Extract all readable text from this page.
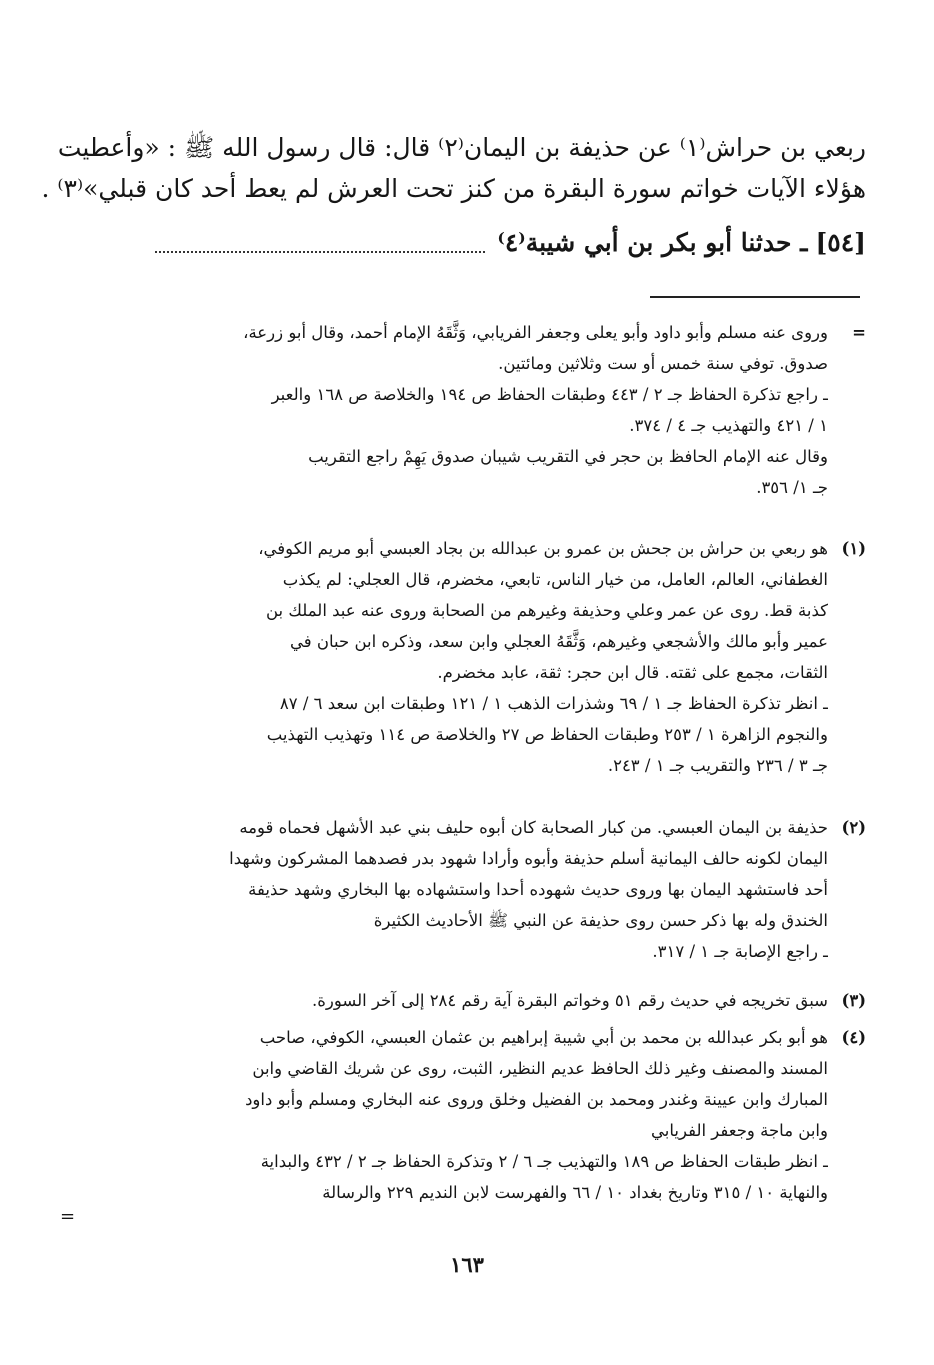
ربعي بن حراش⁽١⁾ عن حذيفة بن اليمان⁽٢⁾ قال: قال رسول الله ﷺ : «وأعطيت
هؤلاء الآيات خواتم سورة البقرة من كنز تحت العرش لم يعط أحد كان قبلي»⁽٣⁾ .
[٥٤] ـ حدثنا أبو بكر بن أبي شيبة⁽٤⁾
=
وروى عنه مسلم وأبو داود وأبو يعلى وجعفر الفريابي، وَثَّقَهُ الإمام أحمد، وقال أبو زرعة،
صدوق. توفي سنة خمس أو ست وثلاثين ومائتين.
ـ راجع تذكرة الحفاظ جـ ٢ / ٤٤٣ وطبقات الحفاظ ص ١٩٤ والخلاصة ص ١٦٨ والعبر
١ / ٤٢١ والتهذيب جـ ٤ / ٣٧٤.
وقال عنه الإمام الحافظ بن حجر في التقريب شيبان صدوق يَهِمْ راجع التقريب
جـ ١/ ٣٥٦.
(١)
هو ربعي بن حراش بن جحش بن عمرو بن عبدالله بن بجاد العبسي أبو مريم الكوفي،
الغطفاني، العالم، العامل، من خيار الناس، تابعي، مخضرم، قال العجلي: لم يكذب
كذبة قط. روى عن عمر وعلي وحذيفة وغيرهم من الصحابة وروى عنه عبد الملك بن
عمير وأبو مالك والأشجعي وغيرهم، وَثَّقَهُ العجلي وابن سعد، وذكره ابن حبان في
الثقات، مجمع على ثقته. قال ابن حجر: ثقة، عابد مخضرم.
ـ انظر تذكرة الحفاظ جـ ١ / ٦٩ وشذرات الذهب ١ / ١٢١ وطبقات ابن سعد ٦ / ٨٧
والنجوم الزاهرة ١ / ٢٥٣ وطبقات الحفاظ ص ٢٧ والخلاصة ص ١١٤ وتهذيب التهذيب
جـ ٣ / ٢٣٦ والتقريب جـ ١ / ٢٤٣.
(٢)
حذيفة بن اليمان العبسي. من كبار الصحابة كان أبوه حليف بني عبد الأشهل فحماه قومه
اليمان لكونه حالف اليمانية أسلم حذيفة وأبوه وأرادا شهود بدر فصدهما المشركون وشهدا
أحد فاستشهد اليمان بها وروى حديث شهوده أحدا واستشهاده بها البخاري وشهد حذيفة
الخندق وله بها ذكر حسن روى حذيفة عن النبي ﷺ الأحاديث الكثيرة
ـ راجع الإصابة جـ ١ / ٣١٧.
(٣)
سبق تخريجه في حديث رقم ٥١ وخواتم البقرة آية رقم ٢٨٤ إلى آخر السورة.
(٤)
هو أبو بكر عبدالله بن محمد بن أبي شيبة إبراهيم بن عثمان العبسي، الكوفي، صاحب
المسند والمصنف وغير ذلك الحافظ عديم النظير، الثبت، روى عن شريك القاضي وابن
المبارك وابن عيينة وغندر ومحمد بن الفضيل وخلق وروى عنه البخاري ومسلم وأبو داود
وابن ماجة وجعفر الفريابي
ـ انظر طبقات الحفاظ ص ١٨٩ والتهذيب جـ ٦ / ٢ وتذكرة الحفاظ جـ ٢ / ٤٣٢ والبداية
والنهاية ١٠ / ٣١٥ وتاريخ بغداد ١٠ / ٦٦ والفهرست لابن النديم ٢٢٩ والرسالة
=
١٦٣
